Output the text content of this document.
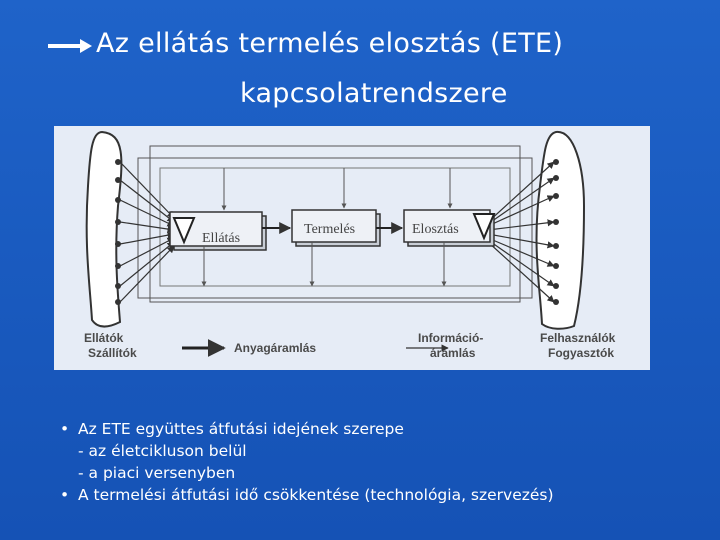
Az ellátás termelés elosztás (ETE)
kapcsolatrendszere
Ellátás
Termelés	Elosztás
Ellátók
Szállítók
Felhasználók
Fogyasztók
Anyagáramlás
Információ-
áramlás
• Az ETE együttes átfutási idejének szerepe
- az életcikluson belül
- a piaci versenyben
• A termelési átfutási idő csökkentése (technológia, szervezés)
